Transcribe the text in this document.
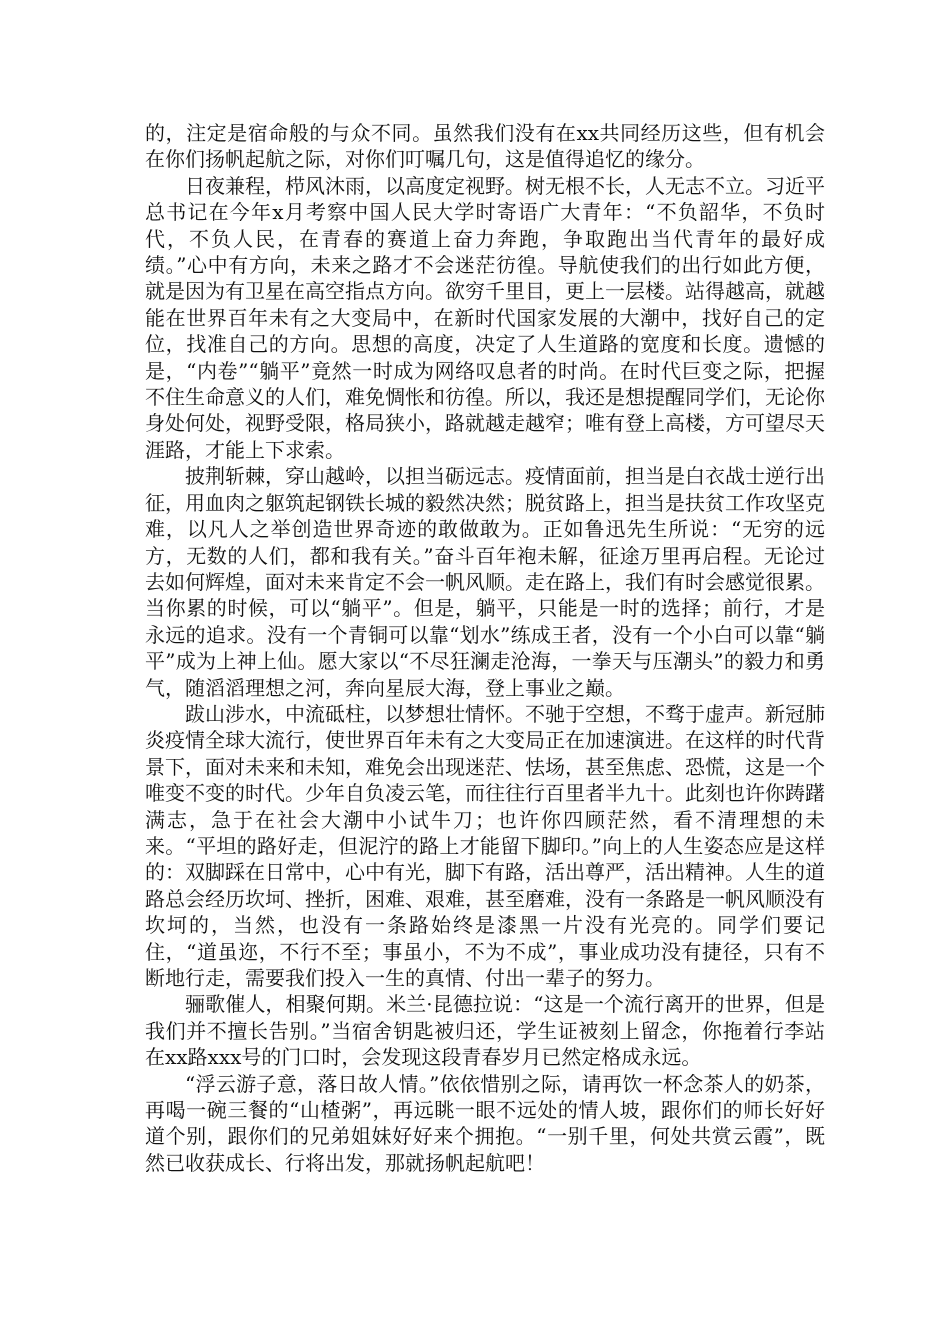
的，注定是宿命般的与众不同。虽然我们没有在xx共同经历这些，但有机会在你们扬帆起航之际，对你们叮嘱几句，这是值得追忆的缘分。

日夜兼程，栉风沐雨，以高度定视野。树无根不长，人无志不立。习近平总书记在今年x月考察中国人民大学时寄语广大青年：“不负韶华，不负时代，不负人民，在青春的赛道上奋力奔跑，争取跑出当代青年的最好成绩。”心中有方向，未来之路才不会迷茫彷徨。导航使我们的出行如此方便，就是因为有卫星在高空指点方向。欲穷千里目，更上一层楼。站得越高，就越能在世界百年未有之大变局中，在新时代国家发展的大潮中，找好自己的定位，找准自己的方向。思想的高度，决定了人生道路的宽度和长度。遗憾的是，“内卷”“躺平”竟然一时成为网络叹息者的时尚。在时代巨变之际，把握不住生命意义的人们，难免惆怅和彷徨。所以，我还是想提醒同学们，无论你身处何处，视野受限，格局狭小，路就越走越窄；唯有登上高楼，方可望尽天涯路，才能上下求索。

披荆斩棘，穿山越岭，以担当砺远志。疫情面前，担当是白衣战士逆行出征，用血肉之躯筑起钢铁长城的毅然决然；脱贫路上，担当是扶贫工作攻坚克难，以凡人之举创造世界奇迹的敢做敢为。正如鲁迅先生所说：“无穷的远方，无数的人们，都和我有关。”奋斗百年袍未解，征途万里再启程。无论过去如何辉煌，面对未来肯定不会一帆风顺。走在路上，我们有时会感觉很累。当你累的时候，可以“躺平”。但是，躺平，只能是一时的选择；前行，才是永远的追求。没有一个青铜可以靠“划水”练成王者，没有一个小白可以靠“躺平”成为上神上仙。愿大家以“不尽狂澜走沧海，一拳天与压潮头”的毅力和勇气，随滔滔理想之河，奔向星辰大海，登上事业之巅。

跋山涉水，中流砥柱，以梦想壮情怀。不驰于空想，不骛于虚声。新冠肺炎疫情全球大流行，使世界百年未有之大变局正在加速演进。在这样的时代背景下，面对未来和未知，难免会出现迷茫、怯场，甚至焦虑、恐慌，这是一个唯变不变的时代。少年自负凌云笔，而往往行百里者半九十。此刻也许你踌躇满志，急于在社会大潮中小试牛刀；也许你四顾茫然，看不清理想的未来。“平坦的路好走，但泥泞的路上才能留下脚印。”向上的人生姿态应是这样的：双脚踩在日常中，心中有光，脚下有路，活出尊严，活出精神。人生的道路总会经历坎坷、挫折，困难、艰难，甚至磨难，没有一条路是一帆风顺没有坎坷的，当然，也没有一条路始终是漆黑一片没有光亮的。同学们要记住，“道虽迩，不行不至；事虽小，不为不成”，事业成功没有捷径，只有不断地行走，需要我们投入一生的真情、付出一辈子的努力。

骊歌催人，相聚何期。米兰·昆德拉说：“这是一个流行离开的世界，但是我们并不擅长告别。”当宿舍钥匙被归还，学生证被刻上留念，你拖着行李站在xx路xxx号的门口时，会发现这段青春岁月已然定格成永远。

“浮云游子意，落日故人情。”依依惜别之际，请再饮一杯念茶人的奶茶，再喝一碗三餐的“山楂粥”，再远眺一眼不远处的情人坡，跟你们的师长好好道个别，跟你们的兄弟姐妹好好来个拥抱。“一别千里，何处共赏云霞”，既然已收获成长、行将出发，那就扬帆起航吧！
